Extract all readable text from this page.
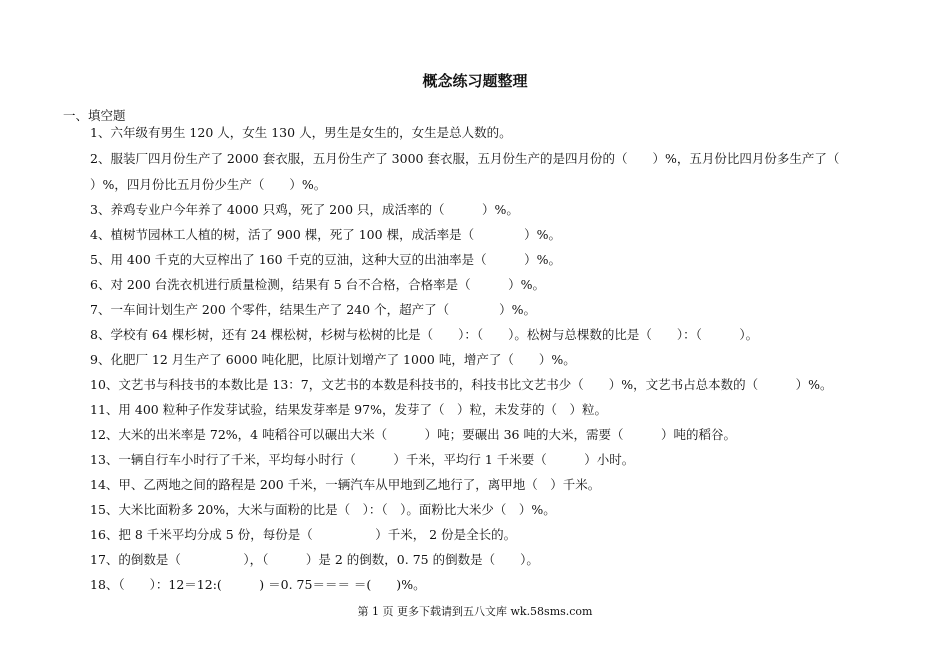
概念练习题整理
一、填空题
1、六年级有男生 120 人，女生 130 人，男生是女生的，女生是总人数的。
2、服装厂四月份生产了 2000 套衣服，五月份生产了 3000 套衣服，五月份生产的是四月份的（　　）%，五月份比四月份多生产了（
）%，四月份比五月份少生产（　　）%。
3、养鸡专业户今年养了 4000 只鸡，死了 200 只，成活率的（　　　）%。
4、植树节园林工人植的树，活了 900 棵，死了 100 棵，成活率是（　　　　）%。
5、用 400 千克的大豆榨出了 160 千克的豆油，这种大豆的出油率是（　　　）%。
6、对 200 台洗衣机进行质量检测，结果有 5 台不合格，合格率是（　　　）%。
7、一车间计划生产 200 个零件，结果生产了 240 个，超产了（　　　　）%。
8、学校有 64 棵杉树，还有 24 棵松树，杉树与松树的比是（　　）：（　　）。松树与总棵数的比是（　　）：（　　　）。
9、化肥厂 12 月生产了 6000 吨化肥，比原计划增产了 1000 吨，增产了（　　）%。
10、文艺书与科技书的本数比是 13：7，文艺书的本数是科技书的，科技书比文艺书少（　　）%，文艺书占总本数的（　　　）%。
11、用 400 粒种子作发芽试验，结果发芽率是 97%，发芽了（　）粒，未发芽的（　）粒。
12、大米的出米率是 72%，4 吨稻谷可以碾出大米（　　　）吨；要碾出 36 吨的大米，需要（　　　）吨的稻谷。
13、一辆自行车小时行了千米，平均每小时行（　　　）千米，平均行 1 千米要（　　　）小时。
14、甲、乙两地之间的路程是 200 千米，一辆汽车从甲地到乙地行了，离甲地（　）千米。
15、大米比面粉多 20%，大米与面粉的比是（　）：（　）。面粉比大米少（　）%。
16、把 8 千米平均分成 5 份，每份是（　　　　　）千米， 2 份是全长的。
17、的倒数是（　　　　　），（　　　）是 2 的倒数，0. 75 的倒数是（　　）。
18、（　　）：12＝12:(　　　) ＝0. 75＝＝＝ ＝(　　)%。
第 1 页 更多下载请到五八文库 wk.58sms.com
